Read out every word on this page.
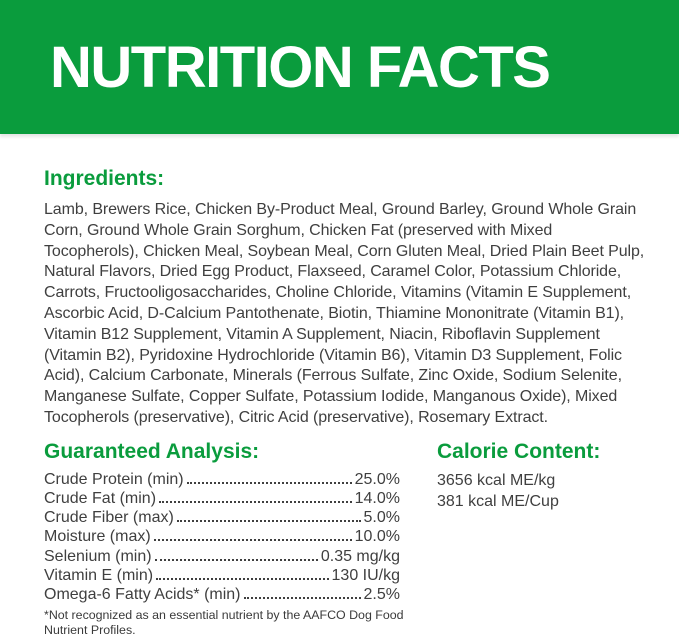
NUTRITION FACTS
Ingredients:
Lamb, Brewers Rice, Chicken By-Product Meal, Ground Barley, Ground Whole Grain
Corn, Ground Whole Grain Sorghum, Chicken Fat (preserved with Mixed
Tocopherols), Chicken Meal, Soybean Meal, Corn Gluten Meal, Dried Plain Beet Pulp,
Natural Flavors, Dried Egg Product, Flaxseed, Caramel Color, Potassium Chloride,
Carrots, Fructooligosaccharides, Choline Chloride, Vitamins (Vitamin E Supplement,
Ascorbic Acid, D-Calcium Pantothenate, Biotin, Thiamine Mononitrate (Vitamin B1),
Vitamin B12 Supplement, Vitamin A Supplement, Niacin, Riboflavin Supplement
(Vitamin B2), Pyridoxine Hydrochloride (Vitamin B6), Vitamin D3 Supplement, Folic
Acid), Calcium Carbonate, Minerals (Ferrous Sulfate, Zinc Oxide, Sodium Selenite,
Manganese Sulfate, Copper Sulfate, Potassium Iodide, Manganous Oxide), Mixed
Tocopherols (preservative), Citric Acid (preservative), Rosemary Extract.
Guaranteed Analysis:
Crude Protein (min)	25.0%
Crude Fat (min)	14.0%
Crude Fiber (max)	5.0%
Moisture (max)	10.0%
Selenium (min)	0.35 mg/kg
Vitamin E (min)	130 IU/kg
Omega-6 Fatty Acids* (min)	2.5%

*Not recognized as an essential nutrient by the AAFCO Dog Food Nutrient Profiles.

Calorie Content:
3656 kcal ME/kg
381 kcal ME/Cup
